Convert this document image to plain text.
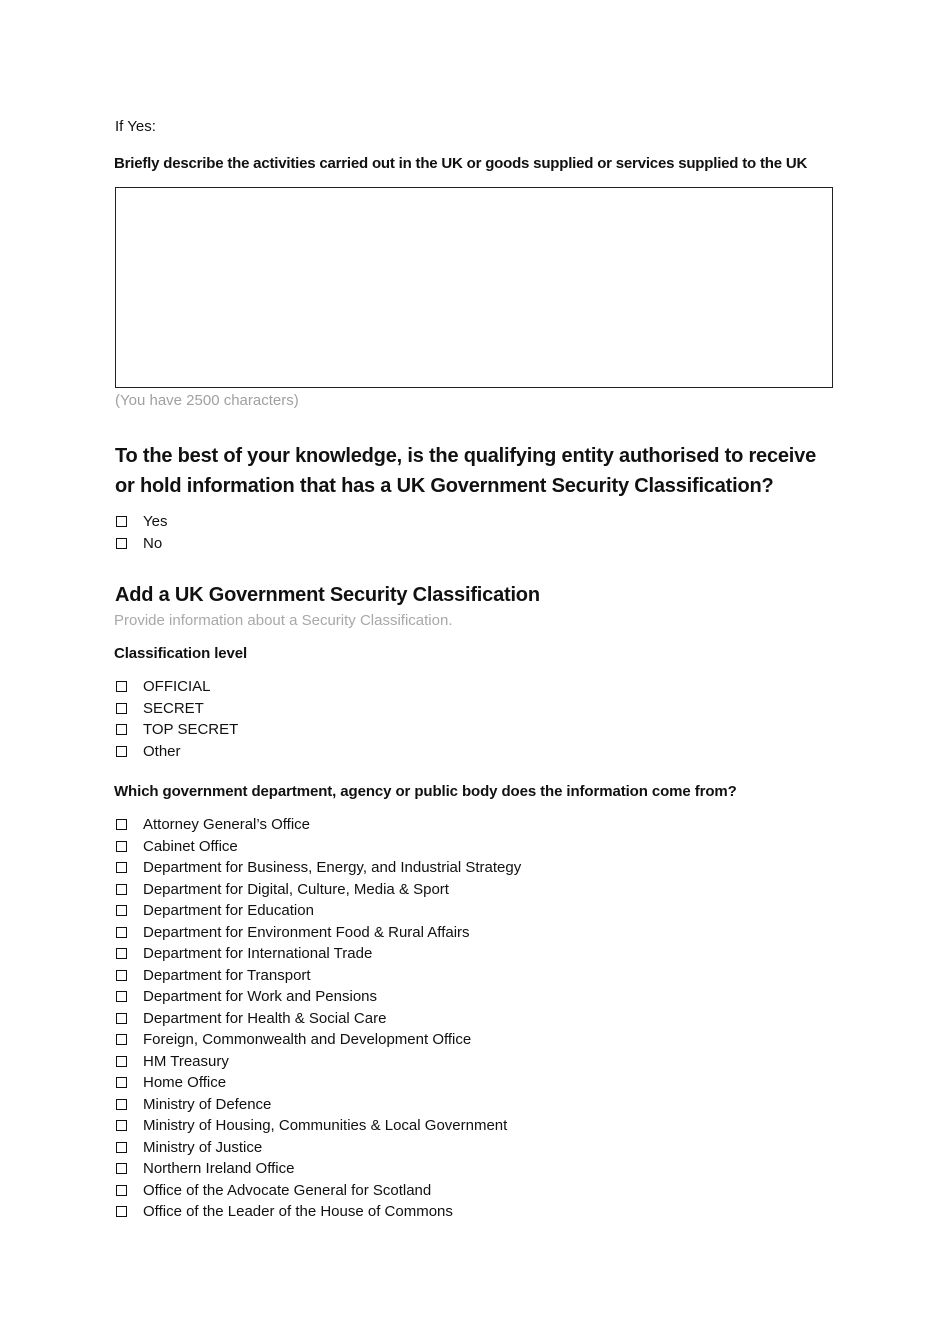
If Yes:
Briefly describe the activities carried out in the UK or goods supplied or services supplied to the UK
(You have 2500 characters)
To the best of your knowledge, is the qualifying entity authorised to receive or hold information that has a UK Government Security Classification?
Yes
No
Add a UK Government Security Classification
Provide information about a Security Classification.
Classification level
OFFICIAL
SECRET
TOP SECRET
Other
Which government department, agency or public body does the information come from?
Attorney General’s Office
Cabinet Office
Department for Business, Energy, and Industrial Strategy
Department for Digital, Culture, Media & Sport
Department for Education
Department for Environment Food & Rural Affairs
Department for International Trade
Department for Transport
Department for Work and Pensions
Department for Health & Social Care
Foreign, Commonwealth and Development Office
HM Treasury
Home Office
Ministry of Defence
Ministry of Housing, Communities & Local Government
Ministry of Justice
Northern Ireland Office
Office of the Advocate General for Scotland
Office of the Leader of the House of Commons
